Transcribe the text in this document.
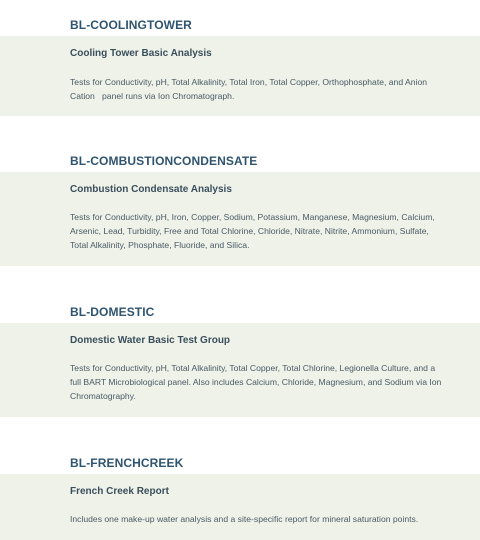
BL-COOLINGTOWER
Cooling Tower Basic Analysis
Tests for Conductivity, pH, Total Alkalinity, Total Iron, Total Copper, Orthophosphate, and Anion
Cation   panel runs via Ion Chromatograph.
BL-COMBUSTIONCONDENSATE
Combustion Condensate Analysis
Tests for Conductivity, pH, Iron, Copper, Sodium, Potassium, Manganese, Magnesium, Calcium,
Arsenic, Lead, Turbidity, Free and Total Chlorine, Chloride, Nitrate, Nitrite, Ammonium, Sulfate,
Total Alkalinity, Phosphate, Fluoride, and Silica.
BL-DOMESTIC
Domestic Water Basic Test Group
Tests for Conductivity, pH, Total Alkalinity, Total Copper, Total Chlorine, Legionella Culture, and a
full BART Microbiological panel. Also includes Calcium, Chloride, Magnesium, and Sodium via Ion
Chromatography.
BL-FRENCHCREEK
French Creek Report
Includes one make-up water analysis and a site-specific report for mineral saturation points.
